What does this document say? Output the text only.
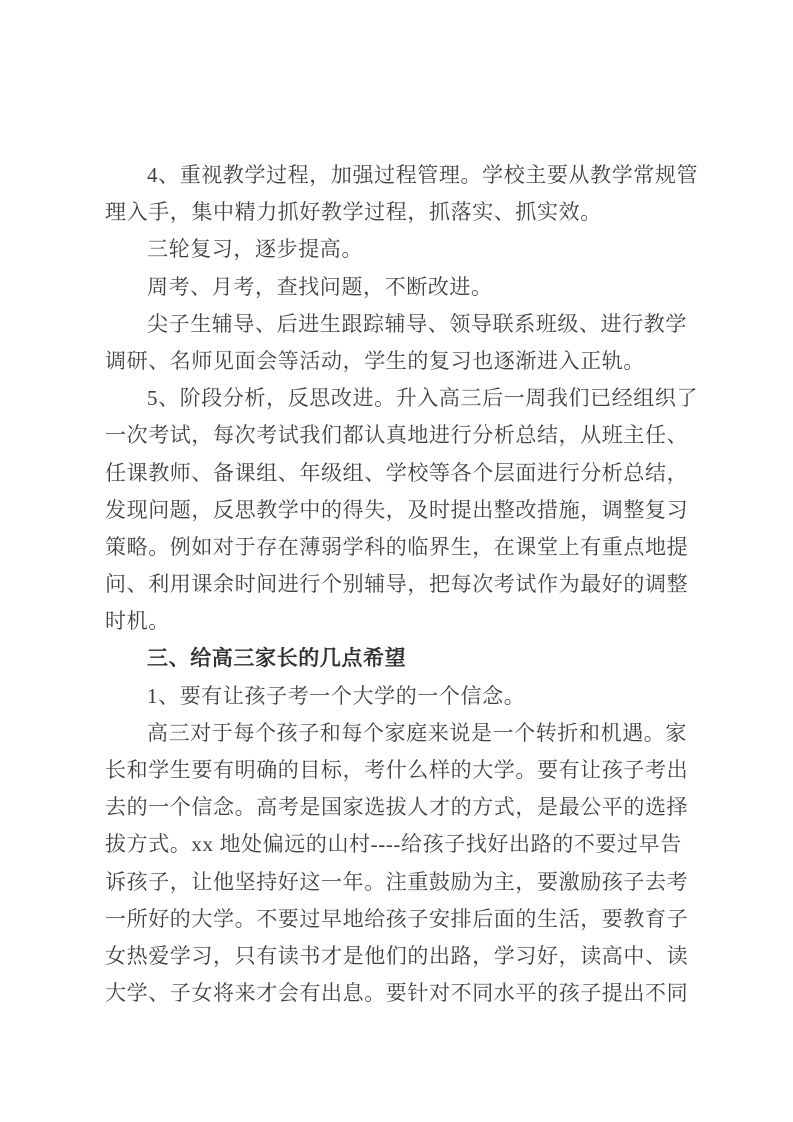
4、重视教学过程，加强过程管理。学校主要从教学常规管
理入手，集中精力抓好教学过程，抓落实、抓实效。
三轮复习，逐步提高。
周考、月考，查找问题，不断改进。
尖子生辅导、后进生跟踪辅导、领导联系班级、进行教学
调研、名师见面会等活动，学生的复习也逐渐进入正轨。
5、阶段分析，反思改进。升入高三后一周我们已经组织了
一次考试，每次考试我们都认真地进行分析总结，从班主任、
任课教师、备课组、年级组、学校等各个层面进行分析总结，
发现问题，反思教学中的得失，及时提出整改措施，调整复习
策略。例如对于存在薄弱学科的临界生，在课堂上有重点地提
问、利用课余时间进行个别辅导，把每次考试作为最好的调整
时机。
三、给高三家长的几点希望
1、要有让孩子考一个大学的一个信念。
高三对于每个孩子和每个家庭来说是一个转折和机遇。家
长和学生要有明确的目标，考什么样的大学。要有让孩子考出
去的一个信念。高考是国家选拔人才的方式，是最公平的选择
拔方式。xx 地处偏远的山村----给孩子找好出路的不要过早告
诉孩子，让他坚持好这一年。注重鼓励为主，要激励孩子去考
一所好的大学。不要过早地给孩子安排后面的生活，要教育子
女热爱学习，只有读书才是他们的出路，学习好，读高中、读
大学、子女将来才会有出息。要针对不同水平的孩子提出不同
